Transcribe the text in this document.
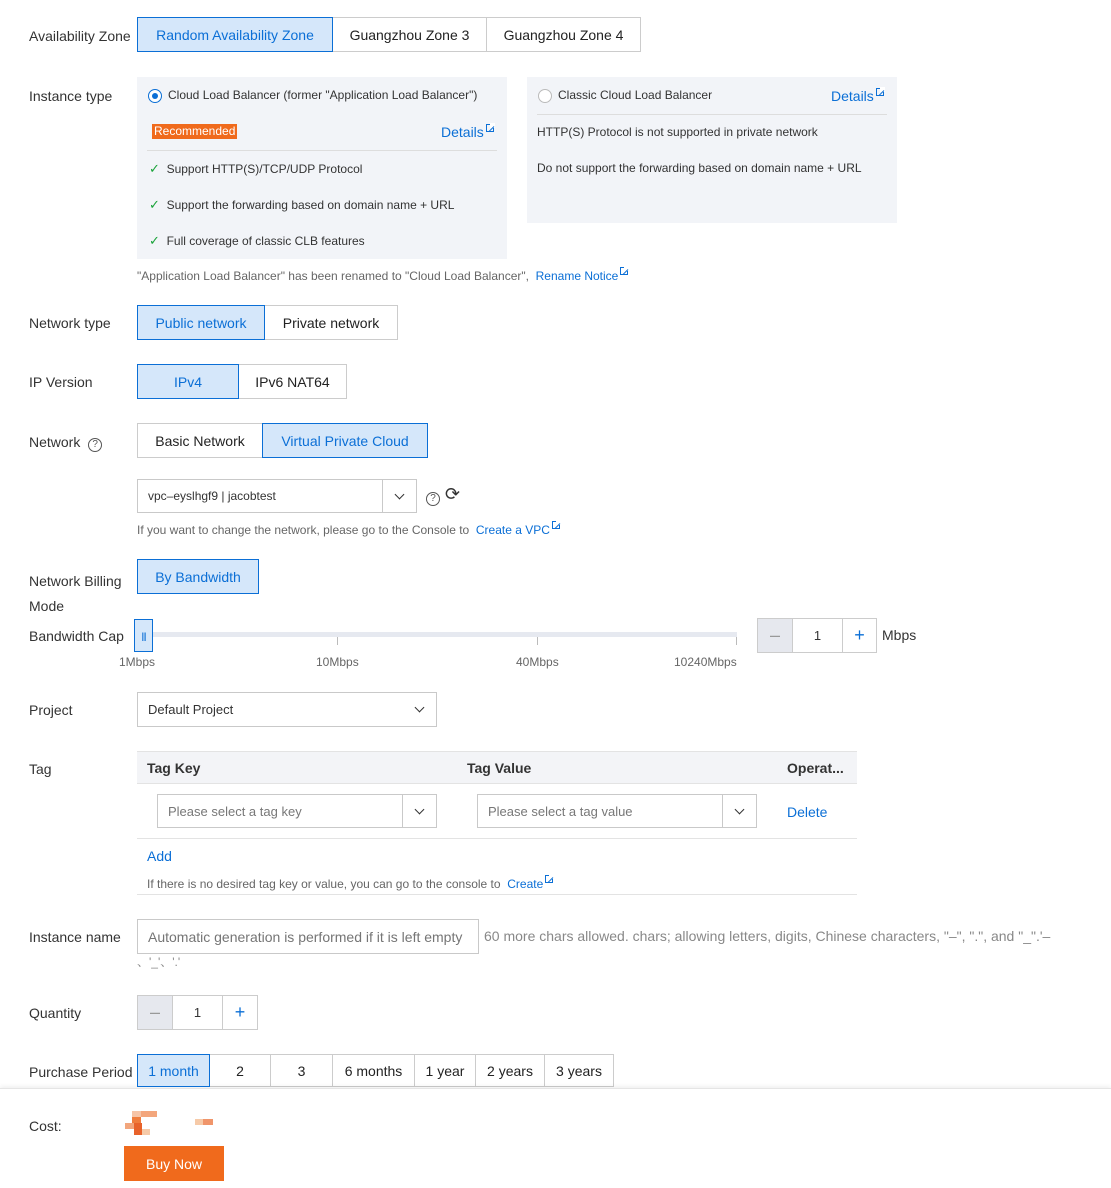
Availability Zone	Random Availability Zone	Guangzhou Zone 3	Guangzhou Zone 4
Instance type	Cloud Load Balancer (former "Application Load Balancer")
Recommended	Details
✓ Support HTTP(S)/TCP/UDP Protocol
✓ Support the forwarding based on domain name + URL
✓ Full coverage of classic CLB features
Classic Cloud Load Balancer	Details
HTTP(S) Protocol is not supported in private network
Do not support the forwarding based on domain name + URL
"Application Load Balancer" has been renamed to "Cloud Load Balancer", Rename Notice
Network type	Public network	Private network
IP Version	IPv4	IPv6 NAT64
Network ?	Basic Network	Virtual Private Cloud
vpc–eyslhgf9 | jacobtest	? ⟳
If you want to change the network, please go to the Console to Create a VPC
Network Billing
Mode
By Bandwidth
Bandwidth Cap	|||
1Mbps	10Mbps	40Mbps	10240Mbps
–	1	+	Mbps
Project	Default Project
Tag	Tag Key	Tag Value	Operat...
Please select a tag key	Please select a tag value	Delete
Add
If there is no desired tag key or value, you can go to the console to Create
Instance name
Automatic generation is performed if it is left empty	60 more chars allowed. chars; allowing letters, digits, Chinese characters, "–", ".", and "_".'–
、'_'、'.'
Quantity	–	1	+
Purchase Period	1 month	2	3	6 months	1 year	2 years	3 years
Cost:
Buy Now
